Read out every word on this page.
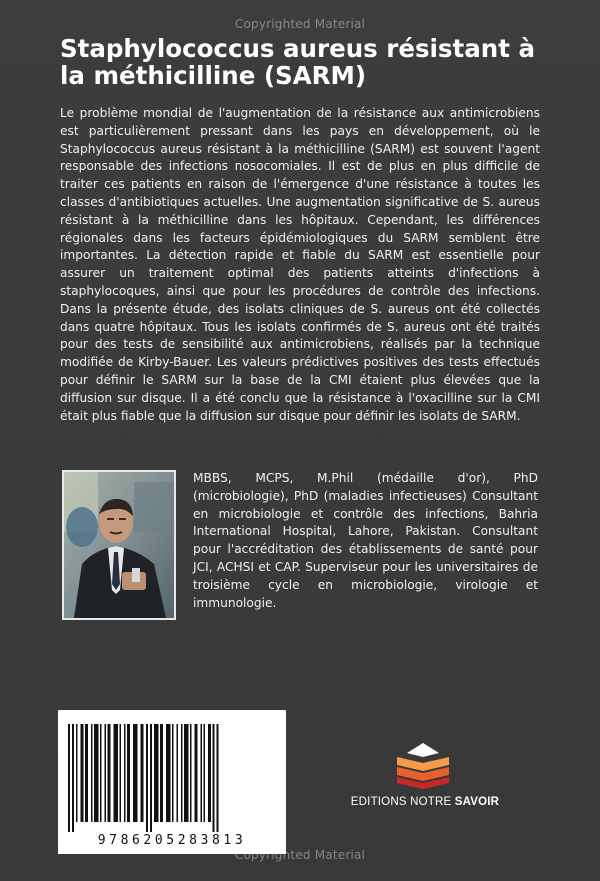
Copyrighted Material
Staphylococcus aureus résistant à la méthicilline (SARM)

Le problème mondial de l'augmentation de la résistance aux antimicrobiens est particulièrement pressant dans les pays en développement, où le Staphylococcus aureus résistant à la méthicilline (SARM) est souvent l'agent responsable des infections nosocomiales. Il est de plus en plus difficile de traiter ces patients en raison de l'émergence d'une résistance à toutes les classes d'antibiotiques actuelles. Une augmentation significative de S. aureus résistant à la méthicilline dans les hôpitaux. Cependant, les différences régionales dans les facteurs épidémiologiques du SARM semblent être importantes. La détection rapide et fiable du SARM est essentielle pour assurer un traitement optimal des patients atteints d'infections à staphylocoques, ainsi que pour les procédures de contrôle des infections. Dans la présente étude, des isolats cliniques de S. aureus ont été collectés dans quatre hôpitaux. Tous les isolats confirmés de S. aureus ont été traités pour des tests de sensibilité aux antimicrobiens, réalisés par la technique modifiée de Kirby-Bauer. Les valeurs prédictives positives des tests effectués pour définir le SARM sur la base de la CMI étaient plus élevées que la diffusion sur disque. Il a été conclu que la résistance à l'oxacilline sur la CMI était plus fiable que la diffusion sur disque pour définir les isolats de SARM.

MBBS, MCPS, M.Phil (médaille d'or), PhD (microbiologie), PhD (maladies infectieuses) Consultant en microbiologie et contrôle des infections, Bahria International Hospital, Lahore, Pakistan. Consultant pour l'accréditation des établissements de santé pour JCI, ACHSI et CAP. Superviseur pour les universitaires de troisième cycle en microbiologie, virologie et immunologie.

9786205283813
EDITIONS NOTRE SAVOIR
Copyrighted Material
